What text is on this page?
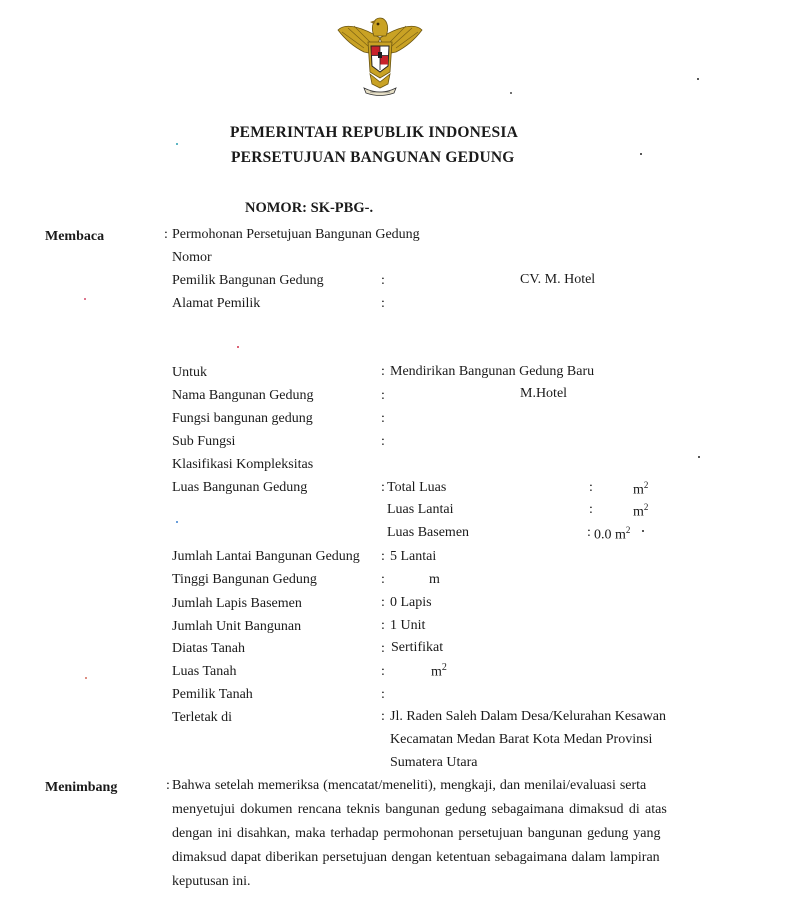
PEMERINTAH REPUBLIK INDONESIA
PERSETUJUAN BANGUNAN GEDUNG
NOMOR: SK-PBG-.
Membaca	: Permohonan Persetujuan Bangunan Gedung
Nomor
Pemilik Bangunan Gedung	:	CV. M. Hotel
Alamat Pemilik	:
Untuk	: Mendirikan Bangunan Gedung Baru
Nama Bangunan Gedung	:	M.Hotel
Fungsi bangunan gedung	:
Sub Fungsi	:
Klasifikasi Kompleksitas
Luas Bangunan Gedung	: Total Luas	:	$m^2$
Luas Lantai	:	$m^2$
Luas Basemen	: 0.0 $m^2$
Jumlah Lantai Bangunan Gedung : 5 Lantai
Tinggi Bangunan Gedung	:	m
Jumlah Lapis Basemen	: 0 Lapis
Jumlah Unit Bangunan	: 1 Unit
Diatas Tanah	: Sertifikat
Luas Tanah	:	$m^2$
Pemilik Tanah	:
Terletak di	: Jl. Raden Saleh Dalam Desa/Kelurahan Kesawan
Kecamatan Medan Barat Kota Medan Provinsi
Sumatera Utara
Menimbang	: Bahwa setelah memeriksa (mencatat/meneliti), mengkaji, dan menilai/evaluasi serta
menyetujui dokumen rencana teknis bangunan gedung sebagaimana dimaksud di atas
dengan ini disahkan, maka terhadap permohonan persetujuan bangunan gedung yang
dimaksud dapat diberikan persetujuan dengan ketentuan sebagaimana dalam lampiran
keputusan ini.
